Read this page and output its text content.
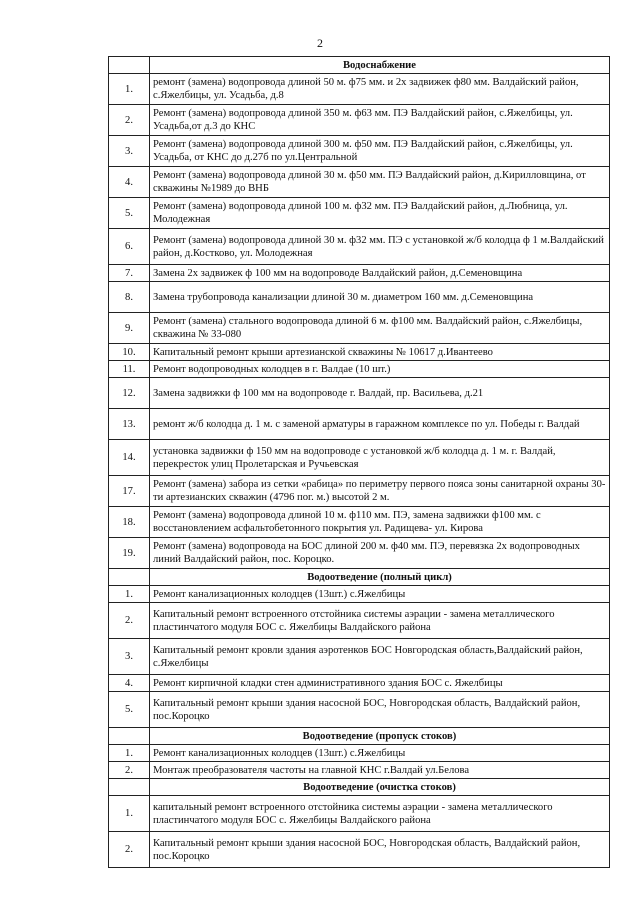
2
	Водоснабжение
1.	ремонт (замена) водопровода длиной 50 м. ф75 мм. и 2х задвижек ф80 мм. Валдайский район, с.Яжелбицы, ул. Усадьба, д.8
2.	Ремонт (замена) водопровода длиной 350 м. ф63 мм. ПЭ Валдайский район, с.Яжелбицы, ул. Усадьба,от д.3 до КНС
3.	Ремонт (замена) водопровода длиной 300 м. ф50 мм. ПЭ Валдайский район, с.Яжелбицы, ул. Усадьба, от КНС до д.27б по ул.Центральной
4.	Ремонт (замена) водопровода длиной 30 м. ф50 мм. ПЭ Валдайский район, д.Кирилловщина, от скважины №1989 до ВНБ
5.	Ремонт (замена) водопровода длиной 100 м. ф32 мм. ПЭ Валдайский район, д.Любница, ул. Молодежная
6.	Ремонт (замена) водопровода длиной 30 м. ф32 мм. ПЭ с установкой ж/б колодца ф 1 м.Валдайский район, д.Костково, ул. Молодежная
7.	Замена 2х задвижек ф 100 мм на водопроводе Валдайский район, д.Семеновщина
8.	Замена трубопровода канализации длиной 30 м. диаметром 160 мм. д.Семеновщина
9.	Ремонт (замена) стального водопровода длиной 6 м. ф100 мм. Валдайский район, с.Яжелбицы, скважина № 33-080
10.	Капитальный ремонт крыши артезианской скважины № 10617 д.Ивантеево
11.	Ремонт водопроводных колодцев в г. Валдае (10 шт.)
12.	Замена задвижки ф 100 мм на водопроводе г. Валдай, пр. Васильева, д.21
13.	ремонт ж/б колодца д. 1 м. с заменой арматуры в гаражном комплексе по ул. Победы г. Валдай
14.	установка задвижки ф 150 мм на водопроводе с установкой ж/б колодца д. 1 м. г. Валдай, перекресток улиц Пролетарская и Ручьевская
17.	Ремонт (замена) забора из сетки «рабица» по периметру первого пояса зоны санитарной охраны 30-ти артезианских скважин (4796 пог. м.) высотой 2 м.
18.	Ремонт (замена) водопровода длиной 10 м. ф110 мм. ПЭ, замена задвижки ф100 мм. с восстановлением асфальтобетонного покрытия ул. Радищева- ул. Кирова
19.	Ремонт (замена) водопровода на БОС длиной 200 м. ф40 мм. ПЭ, перевязка 2х водопроводных линий Валдайский район, пос. Короцко.
	Водоотведение (полный цикл)
1.	Ремонт канализационных колодцев (13шт.) с.Яжелбицы
2.	Капитальный ремонт встроенного отстойника системы аэрации - замена металлического пластинчатого модуля БОС с. Яжелбицы Валдайского района
3.	Капитальный ремонт кровли здания аэротенков БОС Новгородская область,Валдайский район, с.Яжелбицы
4.	Ремонт кирпичной кладки стен административного здания БОС с. Яжелбицы
5.	Капитальный ремонт крыши здания насосной БОС, Новгородская область, Валдайский район, пос.Короцко
	Водоотведение (пропуск стоков)
1.	Ремонт канализационных колодцев (13шт.) с.Яжелбицы
2.	Монтаж преобразователя частоты на главной КНС г.Валдай ул.Белова
	Водоотведение (очистка стоков)
1.	капитальный ремонт встроенного отстойника системы аэрации - замена металлического пластинчатого модуля БОС с. Яжелбицы Валдайского района
2.	Капитальный ремонт крыши здания насосной БОС, Новгородская область, Валдайский район, пос.Короцко
